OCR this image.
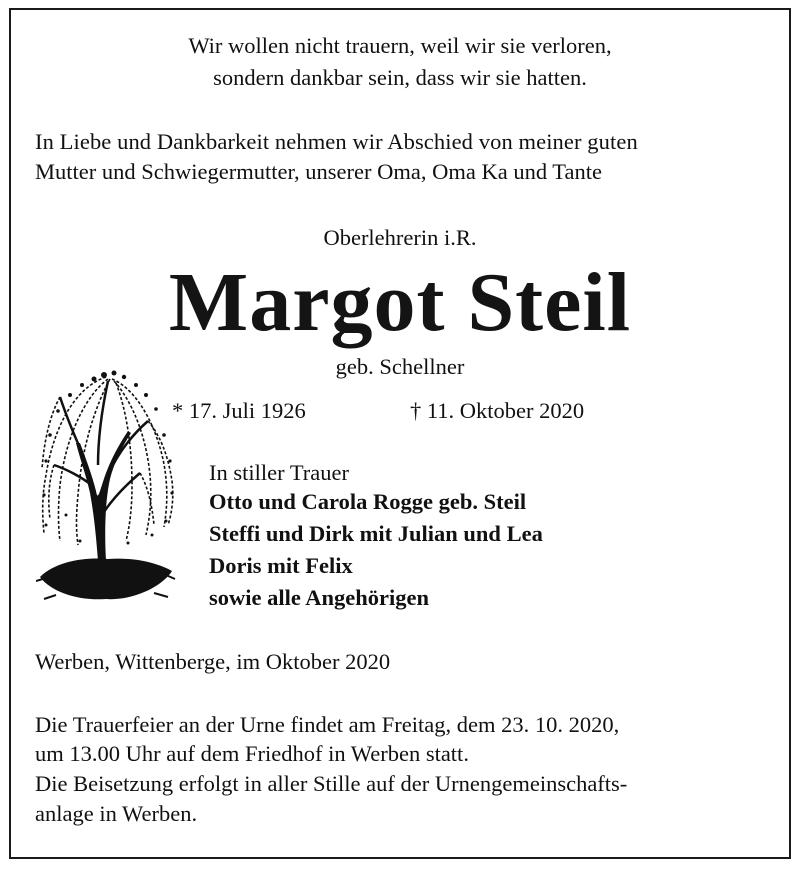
Wir wollen nicht trauern, weil wir sie verloren,
sondern dankbar sein, dass wir sie hatten.
In Liebe und Dankbarkeit nehmen wir Abschied von meiner guten
Mutter und Schwiegermutter, unserer Oma, Oma Ka und Tante
Oberlehrerin i.R.
Margot Steil
geb. Schellner
* 17. Juli 1926	† 11. Oktober 2020
In stiller Trauer
Otto und Carola Rogge geb. Steil
Steffi und Dirk mit Julian und Lea
Doris mit Felix
sowie alle Angehörigen
Werben, Wittenberge, im Oktober 2020
Die Trauerfeier an der Urne findet am Freitag, dem 23. 10. 2020,
um 13.00 Uhr auf dem Friedhof in Werben statt.
Die Beisetzung erfolgt in aller Stille auf der Urnengemeinschafts-
anlage in Werben.
